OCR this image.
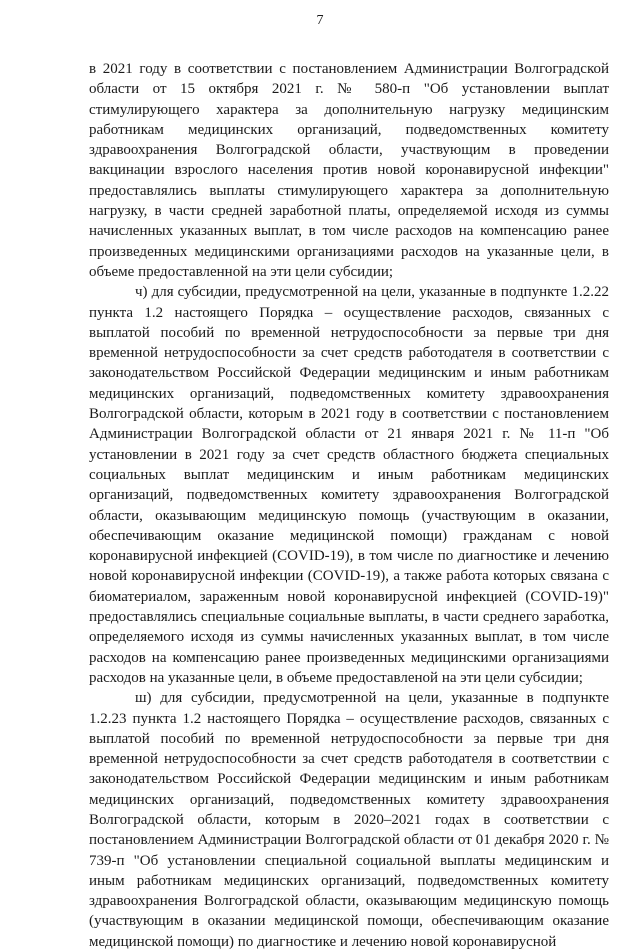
7

в 2021 году в соответствии с постановлением Администрации Волгоградской области от 15 октября 2021 г. № 580-п "Об установлении выплат стимулирующего характера за дополнительную нагрузку медицинским работникам медицинских организаций, подведомственных комитету здравоохранения Волгоградской области, участвующим в проведении вакцинации взрослого населения против новой коронавирусной инфекции" предоставлялись выплаты стимулирующего характера за дополнительную нагрузку, в части средней заработной платы, определяемой исходя из суммы начисленных указанных выплат, в том числе расходов на компенсацию ранее произведенных медицинскими организациями расходов на указанные цели, в объеме предоставленной на эти цели субсидии;

ч) для субсидии, предусмотренной на цели, указанные в подпункте 1.2.22 пункта 1.2 настоящего Порядка – осуществление расходов, связанных с выплатой пособий по временной нетрудоспособности за первые три дня временной нетрудоспособности за счет средств работодателя в соответствии с законодательством Российской Федерации медицинским и иным работникам медицинских организаций, подведомственных комитету здравоохранения Волгоградской области, которым в 2021 году в соответствии с постановлением Администрации Волгоградской области от 21 января 2021 г. № 11-п "Об установлении в 2021 году за счет средств областного бюджета специальных социальных выплат медицинским и иным работникам медицинских организаций, подведомственных комитету здравоохранения Волгоградской области, оказывающим медицинскую помощь (участвующим в оказании, обеспечивающим оказание медицинской помощи) гражданам с новой коронавирусной инфекцией (COVID-19), в том числе по диагностике и лечению новой коронавирусной инфекции (COVID-19), а также работа которых связана с биоматериалом, зараженным новой коронавирусной инфекцией (COVID-19)" предоставлялись специальные социальные выплаты, в части среднего заработка, определяемого исходя из суммы начисленных указанных выплат, в том числе расходов на компенсацию ранее произведенных медицинскими организациями расходов на указанные цели, в объеме предоставленой на эти цели субсидии;

ш) для субсидии, предусмотренной на цели, указанные в подпункте 1.2.23 пункта 1.2 настоящего Порядка – осуществление расходов, связанных с выплатой пособий по временной нетрудоспособности за первые три дня временной нетрудоспособности за счет средств работодателя в соответствии с законодательством Российской Федерации медицинским и иным работникам медицинских организаций, подведомственных комитету здравоохранения Волгоградской области, которым в 2020–2021 годах в соответствии с постановлением Администрации Волгоградской области от 01 декабря 2020 г. № 739-п "Об установлении специальной социальной выплаты медицинским и иным работникам медицинских организаций, подведомственных комитету здравоохранения Волгоградской области, оказывающим медицинскую помощь (участвующим в оказании медицинской помощи, обеспечивающим оказание медицинской помощи) по диагностике и лечению новой коронавирусной
